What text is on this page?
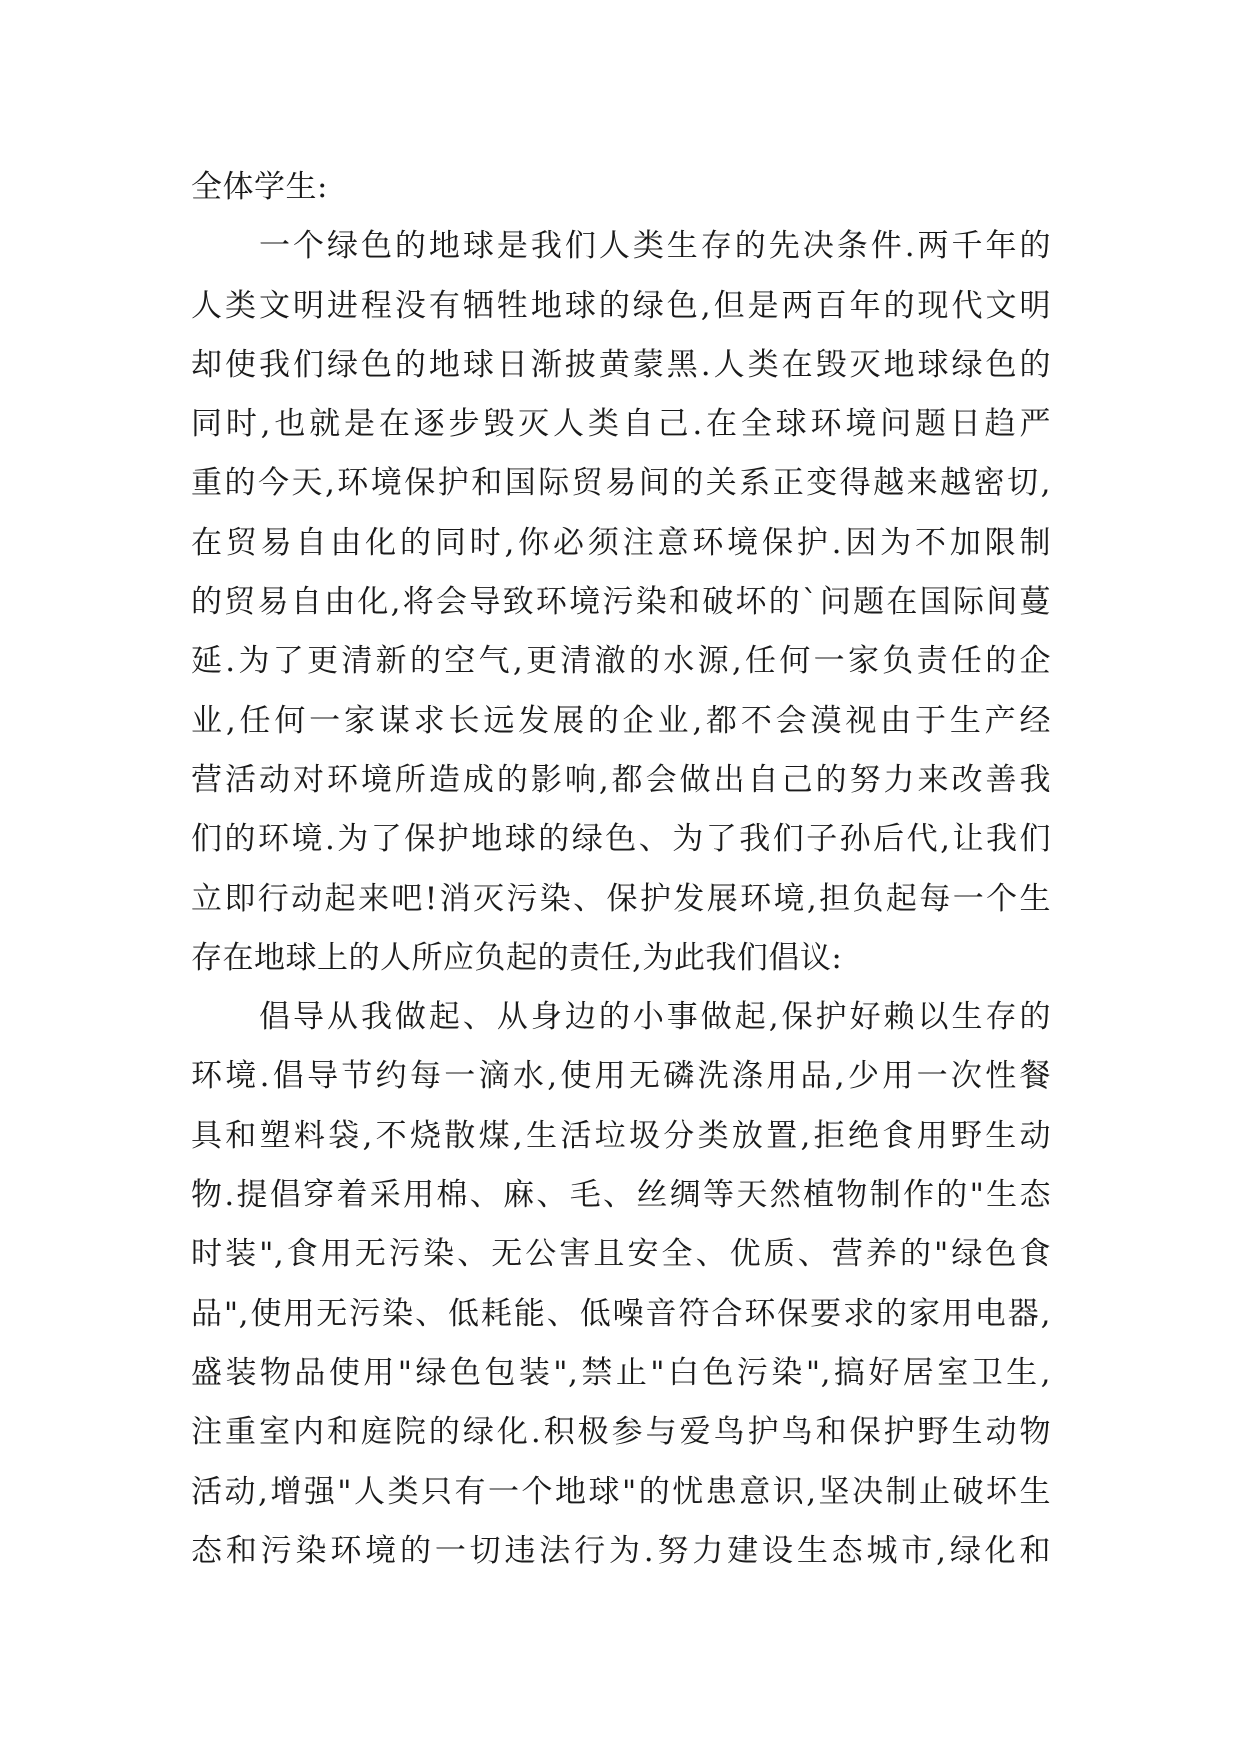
全体学生:
一个绿色的地球是我们人类生存的先决条件.两千年的
人类文明进程没有牺牲地球的绿色,但是两百年的现代文明
却使我们绿色的地球日渐披黄蒙黑.人类在毁灭地球绿色的
同时,也就是在逐步毁灭人类自己.在全球环境问题日趋严
重的今天,环境保护和国际贸易间的关系正变得越来越密切,
在贸易自由化的同时,你必须注意环境保护.因为不加限制
的贸易自由化,将会导致环境污染和破坏的`问题在国际间蔓
延.为了更清新的空气,更清澈的水源,任何一家负责任的企
业,任何一家谋求长远发展的企业,都不会漠视由于生产经
营活动对环境所造成的影响,都会做出自己的努力来改善我
们的环境.为了保护地球的绿色、为了我们子孙后代,让我们
立即行动起来吧!消灭污染、保护发展环境,担负起每一个生
存在地球上的人所应负起的责任,为此我们倡议:
倡导从我做起、从身边的小事做起,保护好赖以生存的
环境.倡导节约每一滴水,使用无磷洗涤用品,少用一次性餐
具和塑料袋,不烧散煤,生活垃圾分类放置,拒绝食用野生动
物.提倡穿着采用棉、麻、毛、丝绸等天然植物制作的"生态
时装",食用无污染、无公害且安全、优质、营养的"绿色食
品",使用无污染、低耗能、低噪音符合环保要求的家用电器,
盛装物品使用"绿色包装",禁止"白色污染",搞好居室卫生,
注重室内和庭院的绿化.积极参与爱鸟护鸟和保护野生动物
活动,增强"人类只有一个地球"的忧患意识,坚决制止破坏生
态和污染环境的一切违法行为.努力建设生态城市,绿化和
